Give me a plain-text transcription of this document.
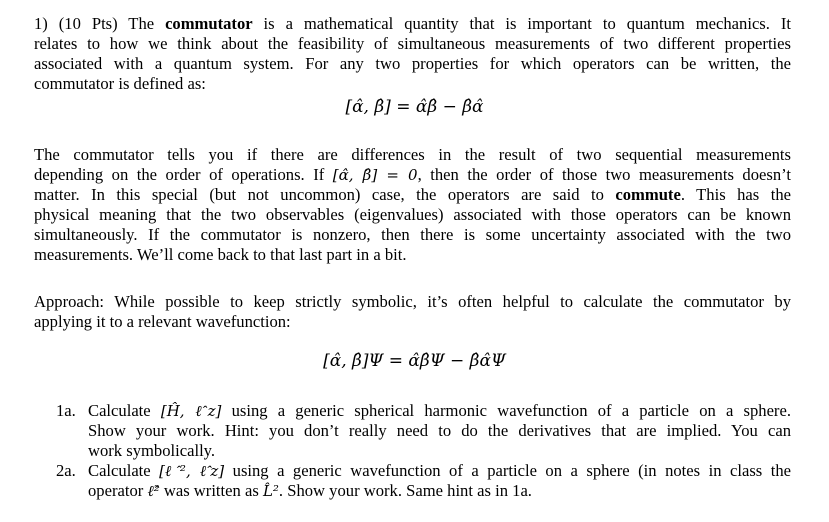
1) (10 Pts) The commutator is a mathematical quantity that is important to quantum mechanics. It
relates to how we think about the feasibility of simultaneous measurements of two different properties
associated with a quantum system. For any two properties for which operators can be written, the
commutator is defined as:
[α̂, β̂] = α̂β̂ − β̂α̂
The commutator tells you if there are differences in the result of two sequential measurements
depending on the order of operations. If [α̂, β̂] = 0, then the order of those two measurements doesn’t
matter. In this special (but not uncommon) case, the operators are said to commute. This has the
physical meaning that the two observables (eigenvalues) associated with those operators can be known
simultaneously. If the commutator is nonzero, then there is some uncertainty associated with the two
measurements. We’ll come back to that last part in a bit.
Approach: While possible to keep strictly symbolic, it’s often helpful to calculate the commutator by
applying it to a relevant wavefunction:
[α̂, β̂]Ψ = α̂β̂Ψ − β̂α̂Ψ
1a. Calculate [Ĥ, ℓ̂z] using a generic spherical harmonic wavefunction of a particle on a sphere.
Show your work. Hint: you don’t really need to do the derivatives that are implied. You can
work symbolically.
2a. Calculate [ℓ̂², ℓ̂z] using a generic wavefunction of a particle on a sphere (in notes in class the
operator ℓ̂² was written as L̂². Show your work. Same hint as in 1a.
